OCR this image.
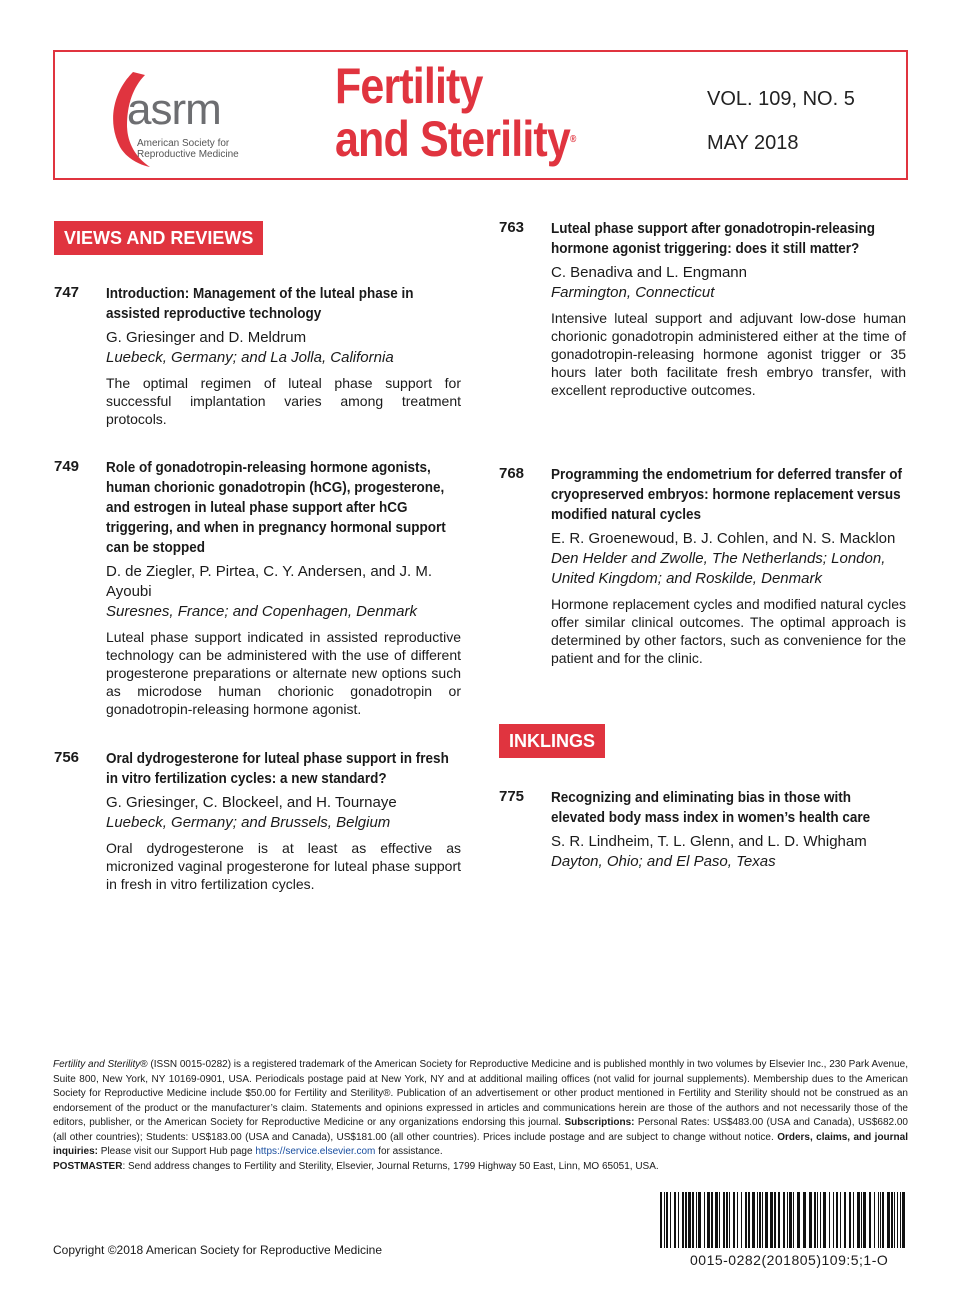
asrm
American Society for
Reproductive Medicine
Fertility
and Sterility®
VOL. 109, NO. 5
MAY 2018
VIEWS AND REVIEWS
747 Introduction: Management of the luteal phase in assisted reproductive technology
G. Griesinger and D. Meldrum
Luebeck, Germany; and La Jolla, California
The optimal regimen of luteal phase support for successful implantation varies among treatment protocols.
749 Role of gonadotropin-releasing hormone agonists, human chorionic gonadotropin (hCG), progesterone, and estrogen in luteal phase support after hCG triggering, and when in pregnancy hormonal support can be stopped
D. de Ziegler, P. Pirtea, C. Y. Andersen, and J. M. Ayoubi
Suresnes, France; and Copenhagen, Denmark
Luteal phase support indicated in assisted reproductive technology can be administered with the use of different progesterone preparations or alternate new options such as microdose human chorionic gonadotropin or gonadotropin-releasing hormone agonist.
756 Oral dydrogesterone for luteal phase support in fresh in vitro fertilization cycles: a new standard?
G. Griesinger, C. Blockeel, and H. Tournaye
Luebeck, Germany; and Brussels, Belgium
Oral dydrogesterone is at least as effective as micronized vaginal progesterone for luteal phase support in fresh in vitro fertilization cycles.
763 Luteal phase support after gonadotropin-releasing hormone agonist triggering: does it still matter?
C. Benadiva and L. Engmann
Farmington, Connecticut
Intensive luteal support and adjuvant low-dose human chorionic gonadotropin administered either at the time of gonadotropin-releasing hormone agonist trigger or 35 hours later both facilitate fresh embryo transfer, with excellent reproductive outcomes.
768 Programming the endometrium for deferred transfer of cryopreserved embryos: hormone replacement versus modified natural cycles
E. R. Groenewoud, B. J. Cohlen, and N. S. Macklon
Den Helder and Zwolle, The Netherlands; London, United Kingdom; and Roskilde, Denmark
Hormone replacement cycles and modified natural cycles offer similar clinical outcomes. The optimal approach is determined by other factors, such as convenience for the patient and for the clinic.
INKLINGS
775 Recognizing and eliminating bias in those with elevated body mass index in women’s health care
S. R. Lindheim, T. L. Glenn, and L. D. Whigham
Dayton, Ohio; and El Paso, Texas
Fertility and Sterility® (ISSN 0015-0282) is a registered trademark of the American Society for Reproductive Medicine and is published monthly in two volumes by Elsevier Inc., 230 Park Avenue, Suite 800, New York, NY 10169-0901, USA. Periodicals postage paid at New York, NY and at additional mailing offices (not valid for journal supplements). Membership dues to the American Society for Reproductive Medicine include $50.00 for Fertility and Sterility®. Publication of an advertisement or other product mentioned in Fertility and Sterility should not be construed as an endorsement of the product or the manufacturer’s claim. Statements and opinions expressed in articles and communications herein are those of the authors and not necessarily those of the editors, publisher, or the American Society for Reproductive Medicine or any organizations endorsing this journal. Subscriptions: Personal Rates: US$483.00 (USA and Canada), US$682.00 (all other countries); Students: US$183.00 (USA and Canada), US$181.00 (all other countries). Prices include postage and are subject to change without notice. Orders, claims, and journal inquiries: Please visit our Support Hub page https://service.elsevier.com for assistance.
POSTMASTER: Send address changes to Fertility and Sterility, Elsevier, Journal Returns, 1799 Highway 50 East, Linn, MO 65051, USA.
0015-0282(201805)109:5;1-O
Copyright ©2018 American Society for Reproductive Medicine
